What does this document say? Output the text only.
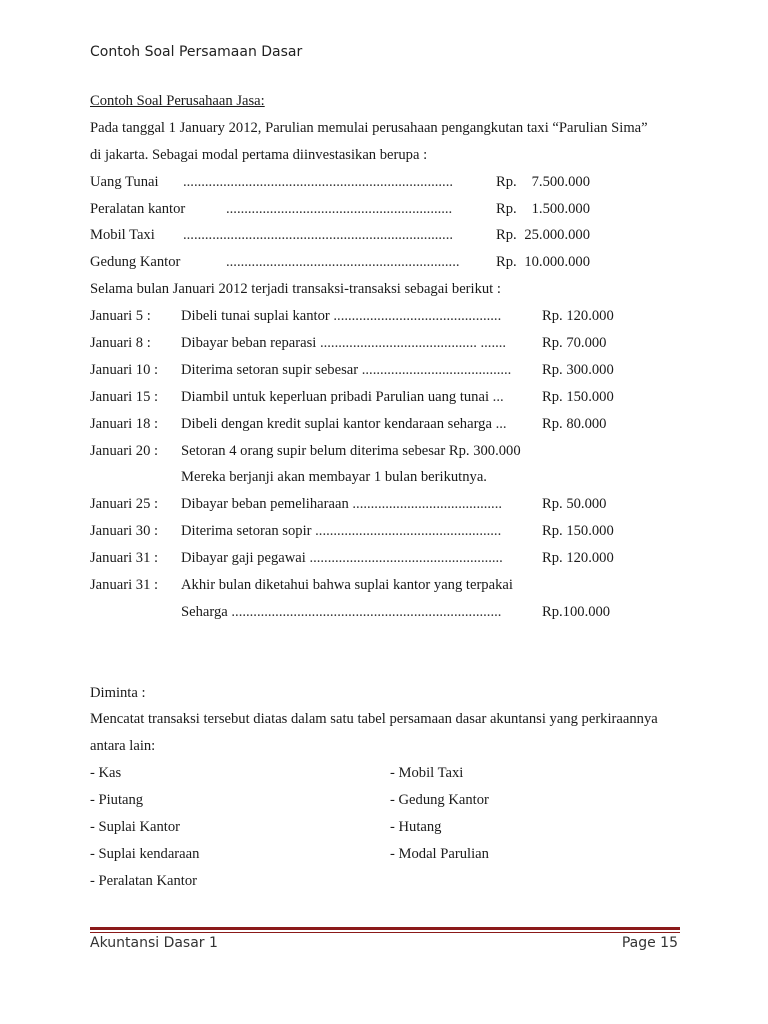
Contoh Soal Persamaan Dasar
Contoh Soal Perusahaan Jasa:
Pada tanggal 1 January 2012, Parulian memulai perusahaan pengangkutan taxi “Parulian Sima”
di jakarta. Sebagai modal pertama diinvestasikan berupa :
Uang Tunai ..........................................................................	Rp.	7.500.000
Peralatan kantor	..............................................................	Rp.	1.500.000
Mobil Taxi ..........................................................................	Rp. 25.000.000
Gedung Kantor	................................................................	Rp. 10.000.000
Selama bulan Januari 2012 terjadi transaksi-transaksi sebagai berikut :
Januari 5 : Dibeli tunai suplai kantor ..............................................	Rp. 120.000
Januari 8 : Dibayar beban reparasi ........................................... ....... Rp. 70.000
Januari 10 : Diterima setoran supir sebesar ......................................... Rp. 300.000
Januari 15 : Diambil untuk keperluan pribadi Parulian uang tunai ...	Rp. 150.000
Januari 18 : Dibeli dengan kredit suplai kantor kendaraan seharga ... Rp. 80.000
Januari 20 : Setoran 4 orang supir belum diterima sebesar Rp. 300.000
Mereka berjanji akan membayar 1 bulan berikutnya.
Januari 25 : Dibayar beban pemeliharaan .........................................	Rp. 50.000
Januari 30 : Diterima setoran sopir ...................................................	Rp. 150.000
Januari 31 : Dibayar gaji pegawai .....................................................	Rp. 120.000
Januari 31 : Akhir bulan diketahui bahwa suplai kantor yang terpakai
Seharga ..........................................................................	Rp.100.000
Diminta :
Mencatat transaksi tersebut diatas dalam satu tabel persamaan dasar akuntansi yang perkiraannya
antara lain:
- Kas	- Mobil Taxi
- Piutang	- Gedung Kantor
- Suplai Kantor	- Hutang
- Suplai kendaraan	- Modal Parulian
- Peralatan Kantor
Akuntansi Dasar 1	Page 15
